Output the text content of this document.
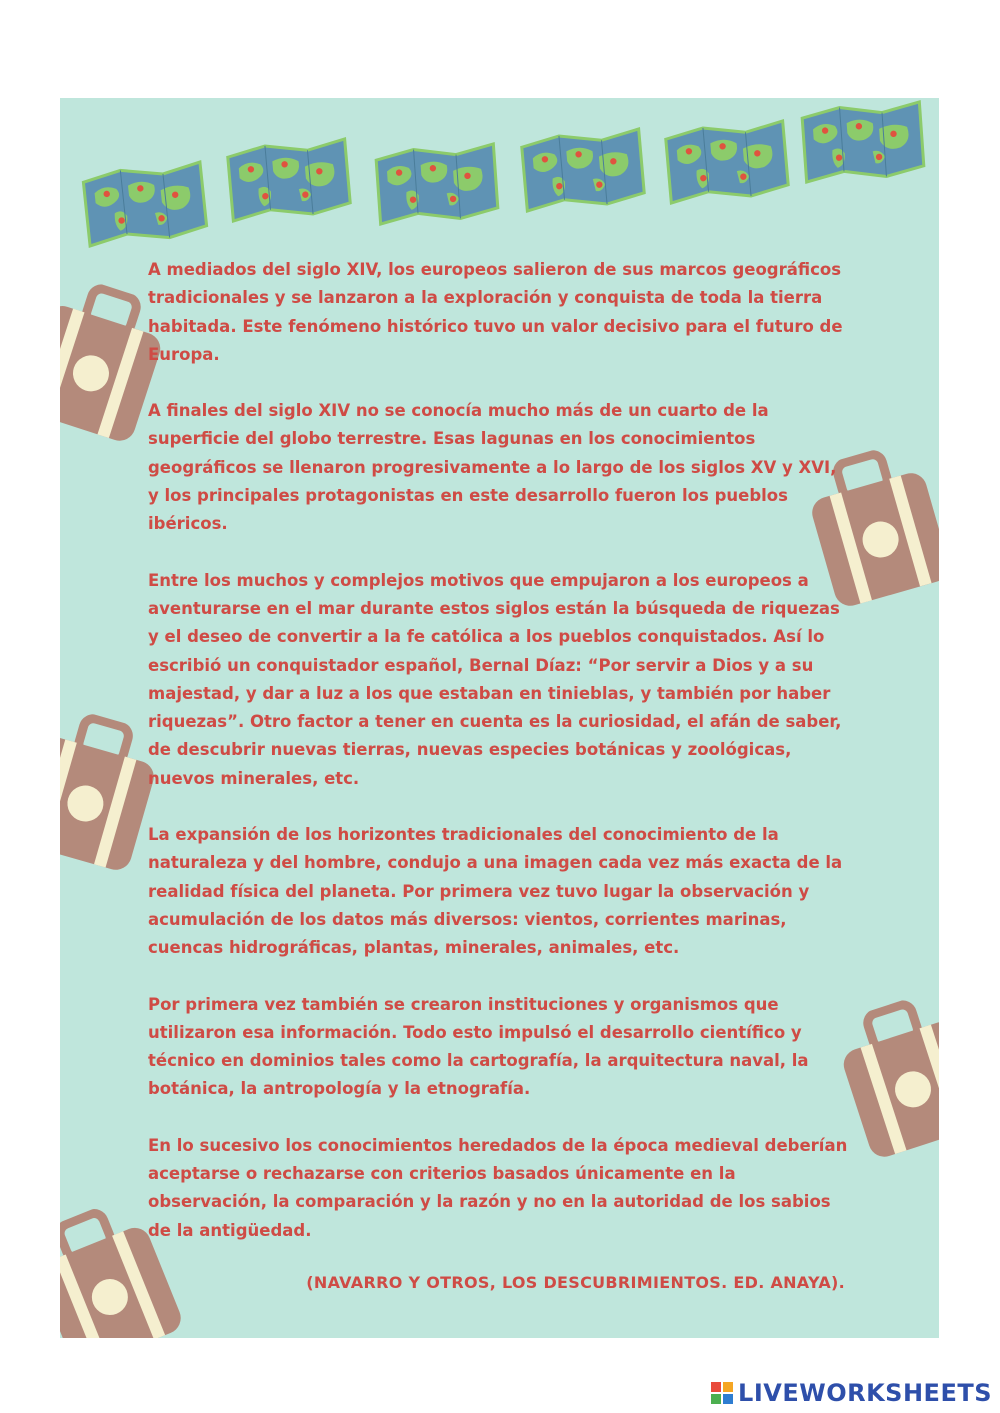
A mediados del siglo XIV, los europeos salieron de sus marcos geográficos tradicionales y se lanzaron a la exploración y conquista de toda la tierra habitada. Este fenómeno histórico tuvo un valor decisivo para el futuro de Europa.

A finales del siglo XIV no se conocía mucho más de un cuarto de la superficie del globo terrestre. Esas lagunas en los conocimientos geográficos se llenaron progresivamente a lo largo de los siglos XV y XVI, y los principales protagonistas en este desarrollo fueron los pueblos ibéricos.

Entre los muchos y complejos motivos que empujaron a los europeos a aventurarse en el mar durante estos siglos están la búsqueda de riquezas y el deseo de convertir a la fe católica a los pueblos conquistados. Así lo escribió un conquistador español, Bernal Díaz: “Por servir a Dios y a su majestad, y dar a luz a los que estaban en tinieblas, y también por haber riquezas”. Otro factor a tener en cuenta es la curiosidad, el afán de saber, de descubrir nuevas tierras, nuevas especies botánicas y zoológicas, nuevos minerales, etc.

La expansión de los horizontes tradicionales del conocimiento de la naturaleza y del hombre, condujo a una imagen cada vez más exacta de la realidad física del planeta. Por primera vez tuvo lugar la observación y acumulación de los datos más diversos: vientos, corrientes marinas, cuencas hidrográficas, plantas, minerales, animales, etc.

Por primera vez también se crearon instituciones y organismos que utilizaron esa información. Todo esto impulsó el desarrollo científico y técnico en dominios tales como la cartografía, la arquitectura naval, la botánica, la antropología y la etnografía.

En lo sucesivo los conocimientos heredados de la época medieval deberían aceptarse o rechazarse con criterios basados únicamente en la observación, la comparación y la razón y no en la autoridad de los sabios de la antigüedad.

(NAVARRO Y OTROS, LOS DESCUBRIMIENTOS. ED. ANAYA).
LIVEWORKSHEETS
